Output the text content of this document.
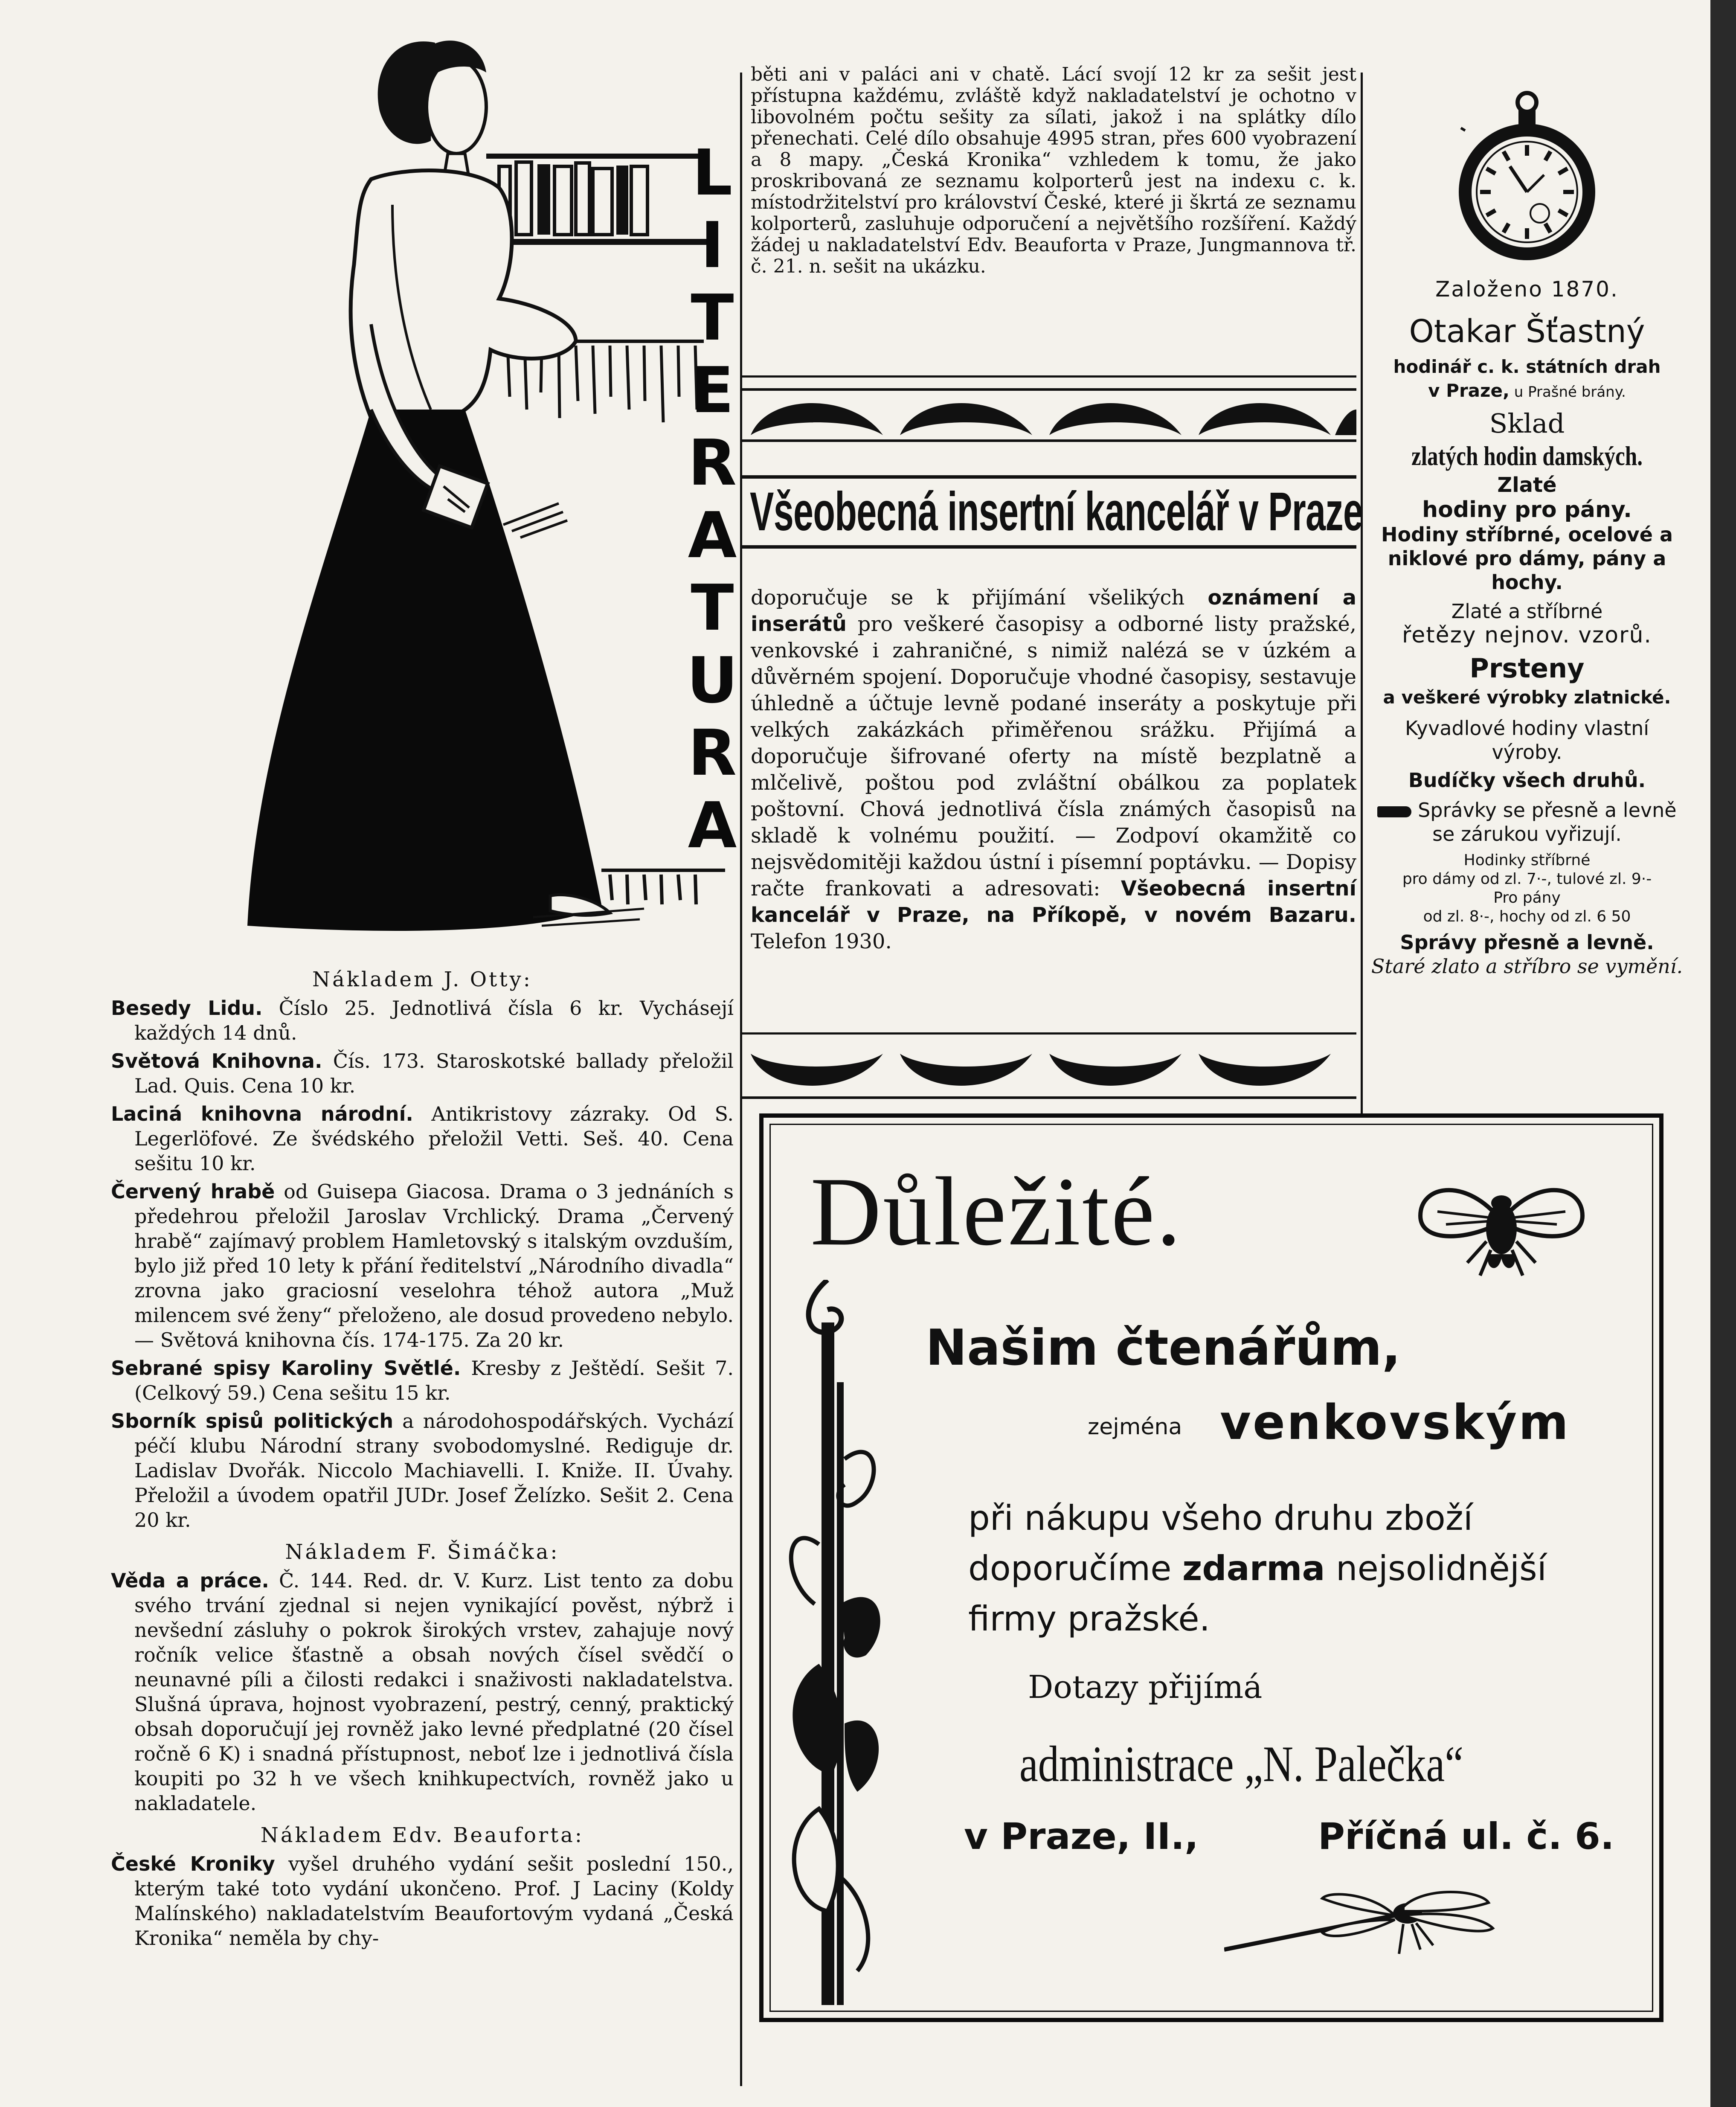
L
I
T
E
R
A
T
U
R
A
Nákladem J. Otty:

Besedy Lidu. Číslo 25. Jednotlivá čísla 6 kr. Vychásejí každých 14 dnů.

Světová Knihovna. Čís. 173. Staroskotské ballady přeložil Lad. Quis. Cena 10 kr.

Laciná knihovna národní. Antikristovy zázraky. Od S. Legerlöfové. Ze švédského přeložil Vetti. Seš. 40. Cena sešitu 10 kr.

Červený hrabě od Guisepa Giacosa. Drama o 3 jednáních s předehrou přeložil Jaroslav Vrchlický. Drama „Červený hrabě“ zajímavý problem Hamletovský s italským ovzduším, bylo již před 10 lety k přání ředitelství „Národního divadla“ zrovna jako graciosní veselohra téhož autora „Muž milencem své ženy“ přeloženo, ale dosud provedeno nebylo. — Světová knihovna čís. 174-175. Za 20 kr.

Sebrané spisy Karoliny Světlé. Kresby z Ještědí. Sešit 7. (Celkový 59.) Cena sešitu 15 kr.

Sborník spisů politických a národohospodářských. Vychází péčí klubu Národní strany svobodomyslné. Rediguje dr. Ladislav Dvořák. Niccolo Machiavelli. I. Kniže. II. Úvahy. Přeložil a úvodem opatřil JUDr. Josef Želízko. Sešit 2. Cena 20 kr.

Nákladem F. Šimáčka:

Věda a práce. Č. 144. Red. dr. V. Kurz. List tento za dobu svého trvání zjednal si nejen vynikající pověst, nýbrž i nevšední zásluhy o pokrok širokých vrstev, zahajuje nový ročník velice šťastně a obsah nových čísel svědčí o neunavné píli a čilosti redakci i snaživosti nakladatelstva. Slušná úprava, hojnost vyobrazení, pestrý, cenný, praktický obsah doporučují jej rovněž jako levné předplatné (20 čísel ročně 6 K) i snadná přístupnost, neboť lze i jednotlivá čísla koupiti po 32 h ve všech knihkupectvích, rovněž jako u nakladatele.

Nákladem Edv. Beauforta:

České Kroniky vyšel druhého vydání sešit poslední 150., kterým také toto vydání ukončeno. Prof. J Laciny (Koldy Malínského) nakladatelstvím Beaufortovým vydaná „Česká Kronika“ neměla by chy-

běti ani v paláci ani v chatě. Lácí svojí 12 kr za sešit jest přístupna každému, zvláště když nakladatelství je ochotno v libovolném počtu sešity za sílati, jakož i na splátky dílo přenechati. Celé dílo obsahuje 4995 stran, přes 600 vyobrazení a 8 mapy. „Česká Kronika“ vzhledem k tomu, že jako proskribovaná ze seznamu kolporterů jest na indexu c. k. místodržitelství pro království České, které ji škrtá ze seznamu kolporterů, zasluhuje odporučení a největšího rozšíření. Každý žádej u nakladatelství Edv. Beauforta v Praze, Jungmannova tř. č. 21. n. sešit na ukázku.

Všeobecná insertní kancelář v Praze

doporučuje se k přijímání všelikých oznámení a inserátů pro veškeré časopisy a odborné listy pražské, venkovské i zahraničné, s nimiž nalézá se v úzkém a důvěrném spojení. Doporučuje vhodné časopisy, sestavuje úhledně a účtuje levně podané inseráty a poskytuje při velkých zakázkách přiměřenou srážku. Přijímá a doporučuje šifrované oferty na místě bezplatně a mlčelivě, poštou pod zvláštní obálkou za poplatek poštovní. Chová jednotlivá čísla známých časopisů na skladě k volnému použití. — Zodpoví okamžitě co nejsvědomitěji každou ústní i písemní poptávku. — Dopisy račte frankovati a adresovati: Všeobecná insertní kancelář v Praze, na Příkopě, v novém Bazaru. Telefon 1930.

Založeno 1870.

Otakar Šťastný

hodinář c. k. státních drah

v Praze, u Prašné brány.

Sklad

zlatých hodin damských.

Zlaté

hodiny pro pány.

Hodiny stříbrné, ocelové a niklové pro dámy, pány a hochy.

Zlaté a stříbrné

řetězy nejnov. vzorů.

Prsteny

a veškeré výrobky zlatnické.

Kyvadlové hodiny vlastní výroby.

Budíčky všech druhů.

Správky se přesně a levně se zárukou vyřizují.

Hodinky stříbrné

pro dámy od zl. 7·-, tulové zl. 9·-

Pro pány

od zl. 8·-, hochy od zl. 6 50

Správy přesně a levně.

Staré zlato a stříbro se vymění.

Důležité.
Našim čtenářům,
zejména venkovským

při nákupu všeho druhu zboží doporučíme zdarma nejsolidnější firmy pražské.

Dotazy přijímá
administrace „N. Palečka“
v Praze, II.,	Příčná ul. č. 6.
